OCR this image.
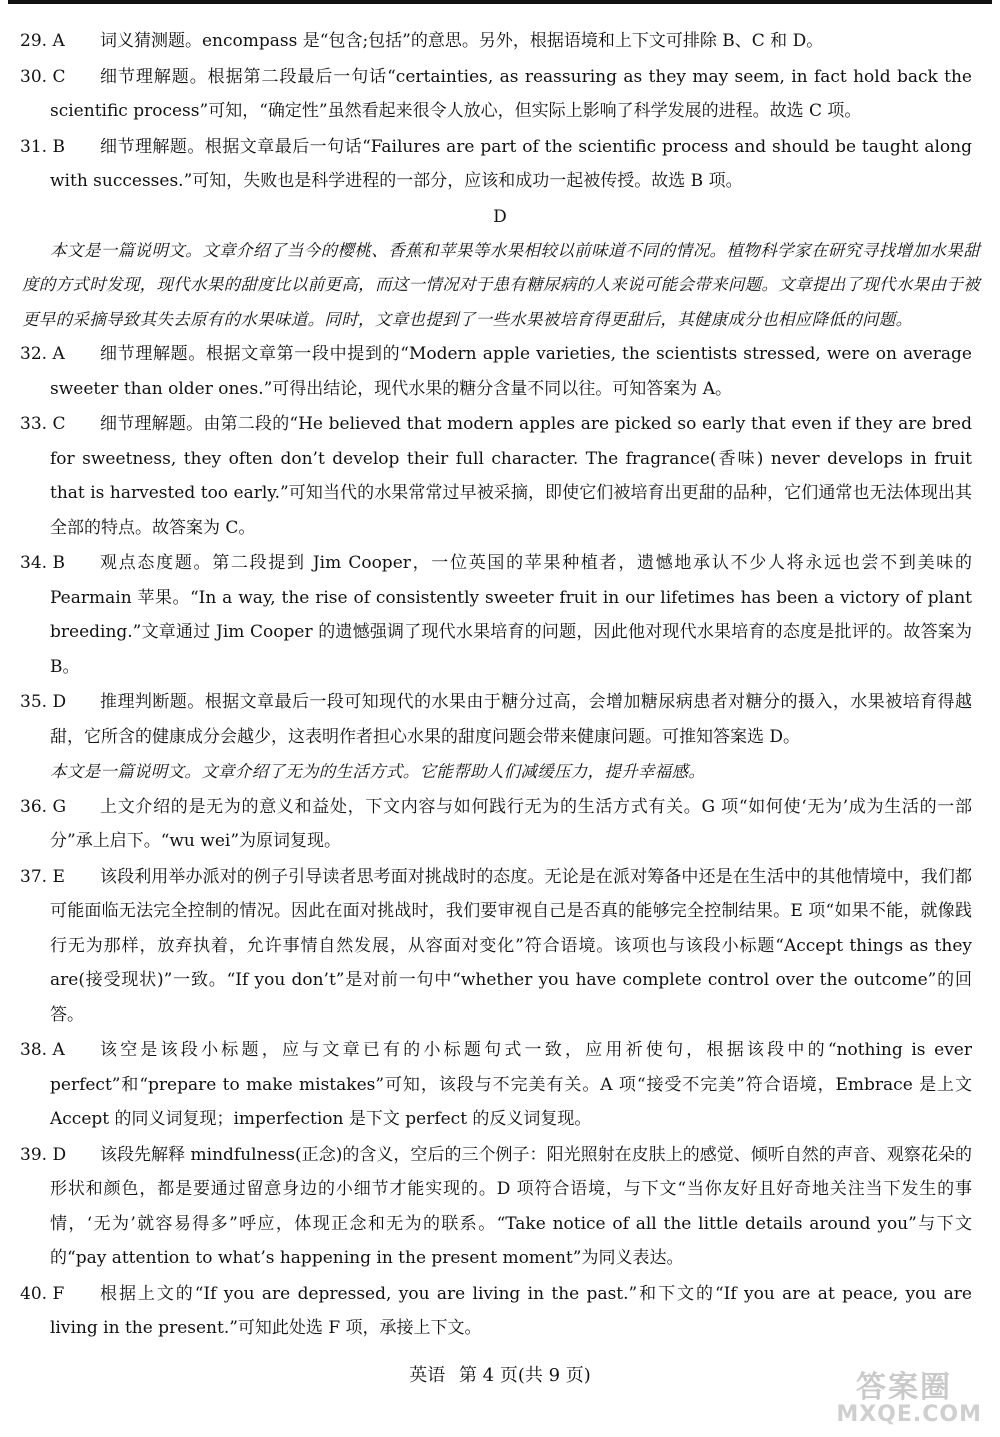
29. A	词义猜测题。encompass 是“包含;包括”的意思。另外，根据语境和上下文可排除 B、C 和 D。
30. C	细节理解题。根据第二段最后一句话“certainties, as reassuring as they may seem, in fact hold back the scientific process”可知，“确定性”虽然看起来很令人放心，但实际上影响了科学发展的进程。故选 C 项。
31. B	细节理解题。根据文章最后一句话“Failures are part of the scientific process and should be taught along with successes.”可知，失败也是科学进程的一部分，应该和成功一起被传授。故选 B 项。
D
本文是一篇说明文。文章介绍了当今的樱桃、香蕉和苹果等水果相较以前味道不同的情况。植物科学家在研究寻找增加水果甜度的方式时发现，现代水果的甜度比以前更高，而这一情况对于患有糖尿病的人来说可能会带来问题。文章提出了现代水果由于被更早的采摘导致其失去原有的水果味道。同时，文章也提到了一些水果被培育得更甜后，其健康成分也相应降低的问题。
32. A	细节理解题。根据文章第一段中提到的“Modern apple varieties, the scientists stressed, were on average sweeter than older ones.”可得出结论，现代水果的糖分含量不同以往。可知答案为 A。
33. C	细节理解题。由第二段的“He believed that modern apples are picked so early that even if they are bred for sweetness, they often don’t develop their full character. The fragrance(香味) never develops in fruit that is harvested too early.”可知当代的水果常常过早被采摘，即使它们被培育出更甜的品种，它们通常也无法体现出其全部的特点。故答案为 C。
34. B	观点态度题。第二段提到 Jim Cooper，一位英国的苹果种植者，遗憾地承认不少人将永远也尝不到美味的 Pearmain 苹果。“In a way, the rise of consistently sweeter fruit in our lifetimes has been a victory of plant breeding.”文章通过 Jim Cooper 的遗憾强调了现代水果培育的问题，因此他对现代水果培育的态度是批评的。故答案为 B。
35. D	推理判断题。根据文章最后一段可知现代的水果由于糖分过高，会增加糖尿病患者对糖分的摄入，水果被培育得越甜，它所含的健康成分会越少，这表明作者担心水果的甜度问题会带来健康问题。可推知答案选 D。
本文是一篇说明文。文章介绍了无为的生活方式。它能帮助人们减缓压力，提升幸福感。
36. G	上文介绍的是无为的意义和益处，下文内容与如何践行无为的生活方式有关。G 项“如何使‘无为’成为生活的一部分”承上启下。“wu wei”为原词复现。
37. E	该段利用举办派对的例子引导读者思考面对挑战时的态度。无论是在派对筹备中还是在生活中的其他情境中，我们都可能面临无法完全控制的情况。因此在面对挑战时，我们要审视自己是否真的能够完全控制结果。E 项“如果不能，就像践行无为那样，放弃执着，允许事情自然发展，从容面对变化”符合语境。该项也与该段小标题“Accept things as they are(接受现状)”一致。“If you don’t”是对前一句中“whether you have complete control over the outcome”的回答。
38. A	该空是该段小标题，应与文章已有的小标题句式一致，应用祈使句，根据该段中的“nothing is ever perfect”和“prepare to make mistakes”可知，该段与不完美有关。A 项“接受不完美”符合语境，Embrace 是上文 Accept 的同义词复现；imperfection 是下文 perfect 的反义词复现。
39. D	该段先解释 mindfulness(正念)的含义，空后的三个例子：阳光照射在皮肤上的感觉、倾听自然的声音、观察花朵的形状和颜色，都是要通过留意身边的小细节才能实现的。D 项符合语境，与下文“当你友好且好奇地关注当下发生的事情，‘无为’就容易得多”呼应，体现正念和无为的联系。“Take notice of all the little details around you”与下文的“pay attention to what’s happening in the present moment”为同义表达。
40. F	根据上文的“If you are depressed, you are living in the past.”和下文的“If you are at peace, you are living in the present.”可知此处选 F 项，承接上下文。
英语 第 4 页(共 9 页)	答案圈
MXQE.COM
